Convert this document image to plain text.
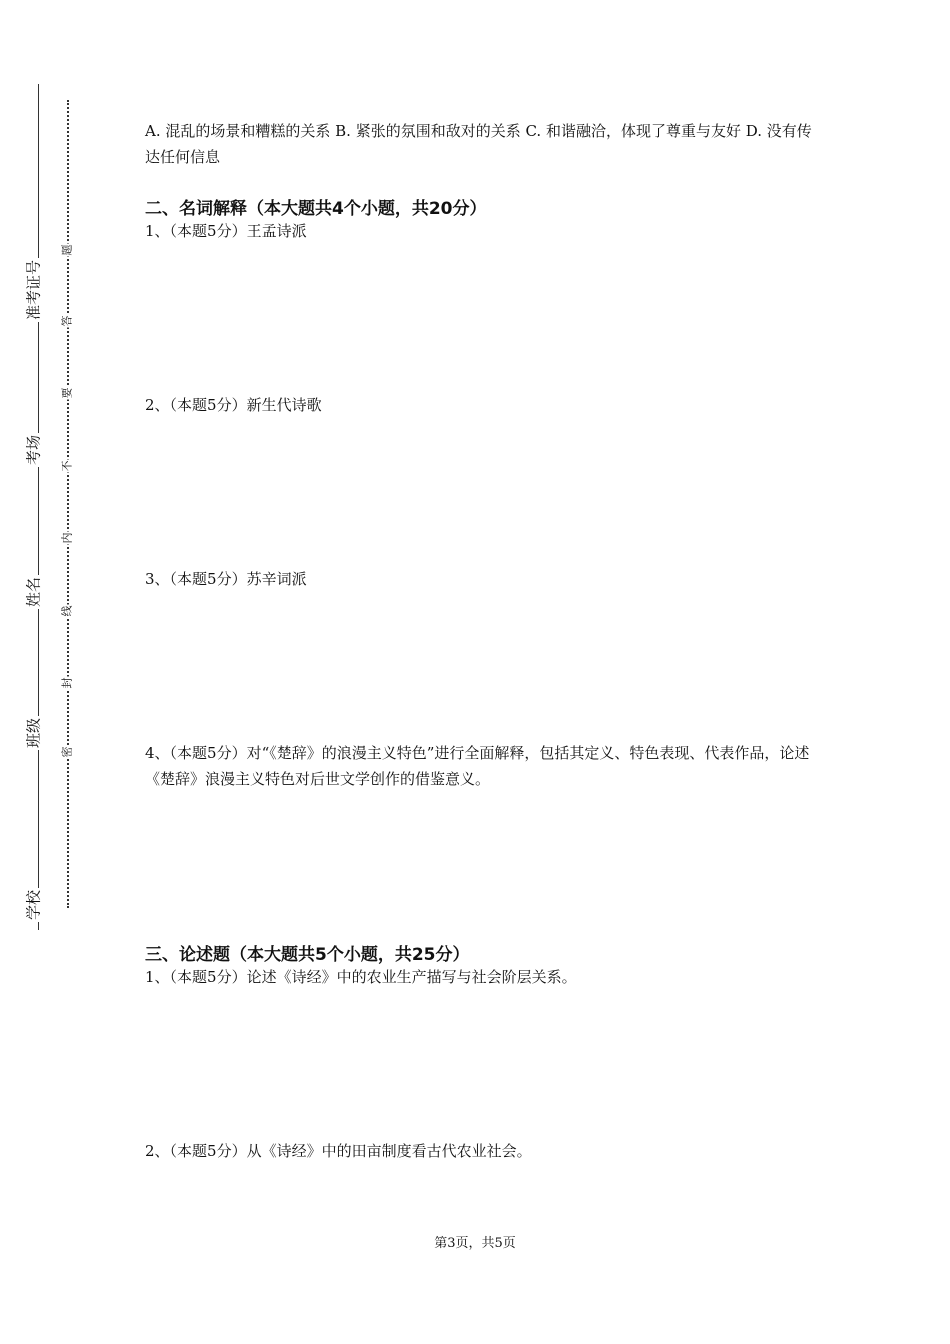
学校
班级
姓名
考场
准考证号
密
封
线
内
不
要
答
题
A. 混乱的场景和糟糕的关系 B. 紧张的氛围和敌对的关系 C. 和谐融洽，体现了尊重与友好 D. 没有传达任何信息
二、名词解释（本大题共4个小题，共20分）
1、（本题5分）王孟诗派
2、（本题5分）新生代诗歌
3、（本题5分）苏辛词派
4、（本题5分）对“《楚辞》的浪漫主义特色”进行全面解释，包括其定义、特色表现、代表作品，论述《楚辞》浪漫主义特色对后世文学创作的借鉴意义。
三、论述题（本大题共5个小题，共25分）
1、（本题5分）论述《诗经》中的农业生产描写与社会阶层关系。
2、（本题5分）从《诗经》中的田亩制度看古代农业社会。
第3页，共5页
